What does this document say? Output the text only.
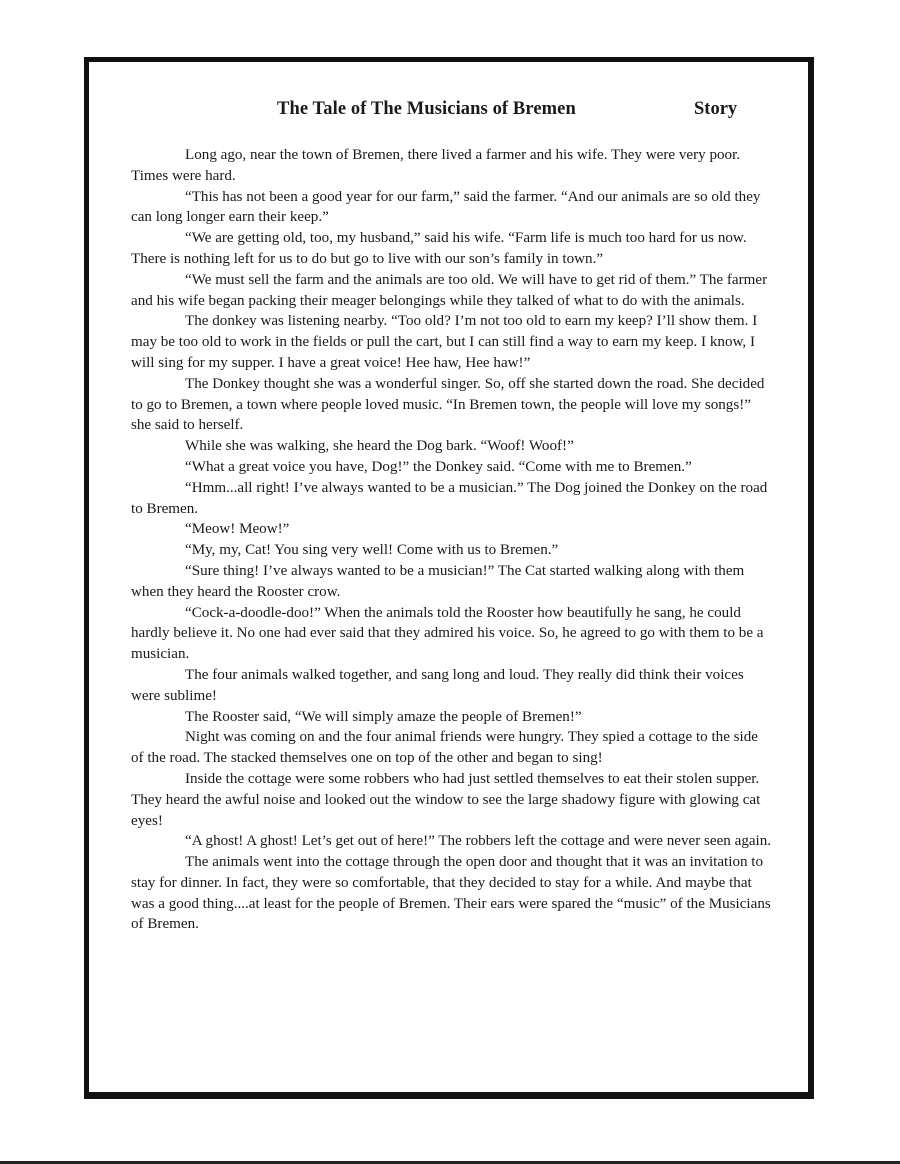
The Tale of The Musicians of Bremen	Story

Long ago, near the town of Bremen, there lived a farmer and his wife. They were very poor. Times were hard.

“This has not been a good year for our farm,” said the farmer. “And our animals are so old they can long longer earn their keep.”

“We are getting old, too, my husband,” said his wife. “Farm life is much too hard for us now. There is nothing left for us to do but go to live with our son’s family in town.”

“We must sell the farm and the animals are too old. We will have to get rid of them.” The farmer and his wife began packing their meager belongings while they talked of what to do with the animals.

The donkey was listening nearby. “Too old? I’m not too old to earn my keep? I’ll show them. I may be too old to work in the fields or pull the cart, but I can still find a way to earn my keep. I know, I will sing for my supper. I have a great voice! Hee haw, Hee haw!”

The Donkey thought she was a wonderful singer. So, off she started down the road. She decided to go to Bremen, a town where people loved music. “In Bremen town, the people will love my songs!” she said to herself.

While she was walking, she heard the Dog bark. “Woof! Woof!”

“What a great voice you have, Dog!” the Donkey said. “Come with me to Bremen.”

“Hmm...all right! I’ve always wanted to be a musician.” The Dog joined the Donkey on the road to Bremen.

“Meow! Meow!”

“My, my, Cat! You sing very well! Come with us to Bremen.”

“Sure thing! I’ve always wanted to be a musician!” The Cat started walking along with them when they heard the Rooster crow.

“Cock-a-doodle-doo!” When the animals told the Rooster how beautifully he sang, he could hardly believe it. No one had ever said that they admired his voice. So, he agreed to go with them to be a musician.

The four animals walked together, and sang long and loud. They really did think their voices were sublime!

The Rooster said, “We will simply amaze the people of Bremen!”

Night was coming on and the four animal friends were hungry. They spied a cottage to the side of the road. The stacked themselves one on top of the other and began to sing!

Inside the cottage were some robbers who had just settled themselves to eat their stolen supper. They heard the awful noise and looked out the window to see the large shadowy figure with glowing cat eyes!

“A ghost! A ghost! Let’s get out of here!” The robbers left the cottage and were never seen again.

The animals went into the cottage through the open door and thought that it was an invitation to stay for dinner. In fact, they were so comfortable, that they decided to stay for a while. And maybe that was a good thing....at least for the people of Bremen. Their ears were spared the “music” of the Musicians of Bremen.
